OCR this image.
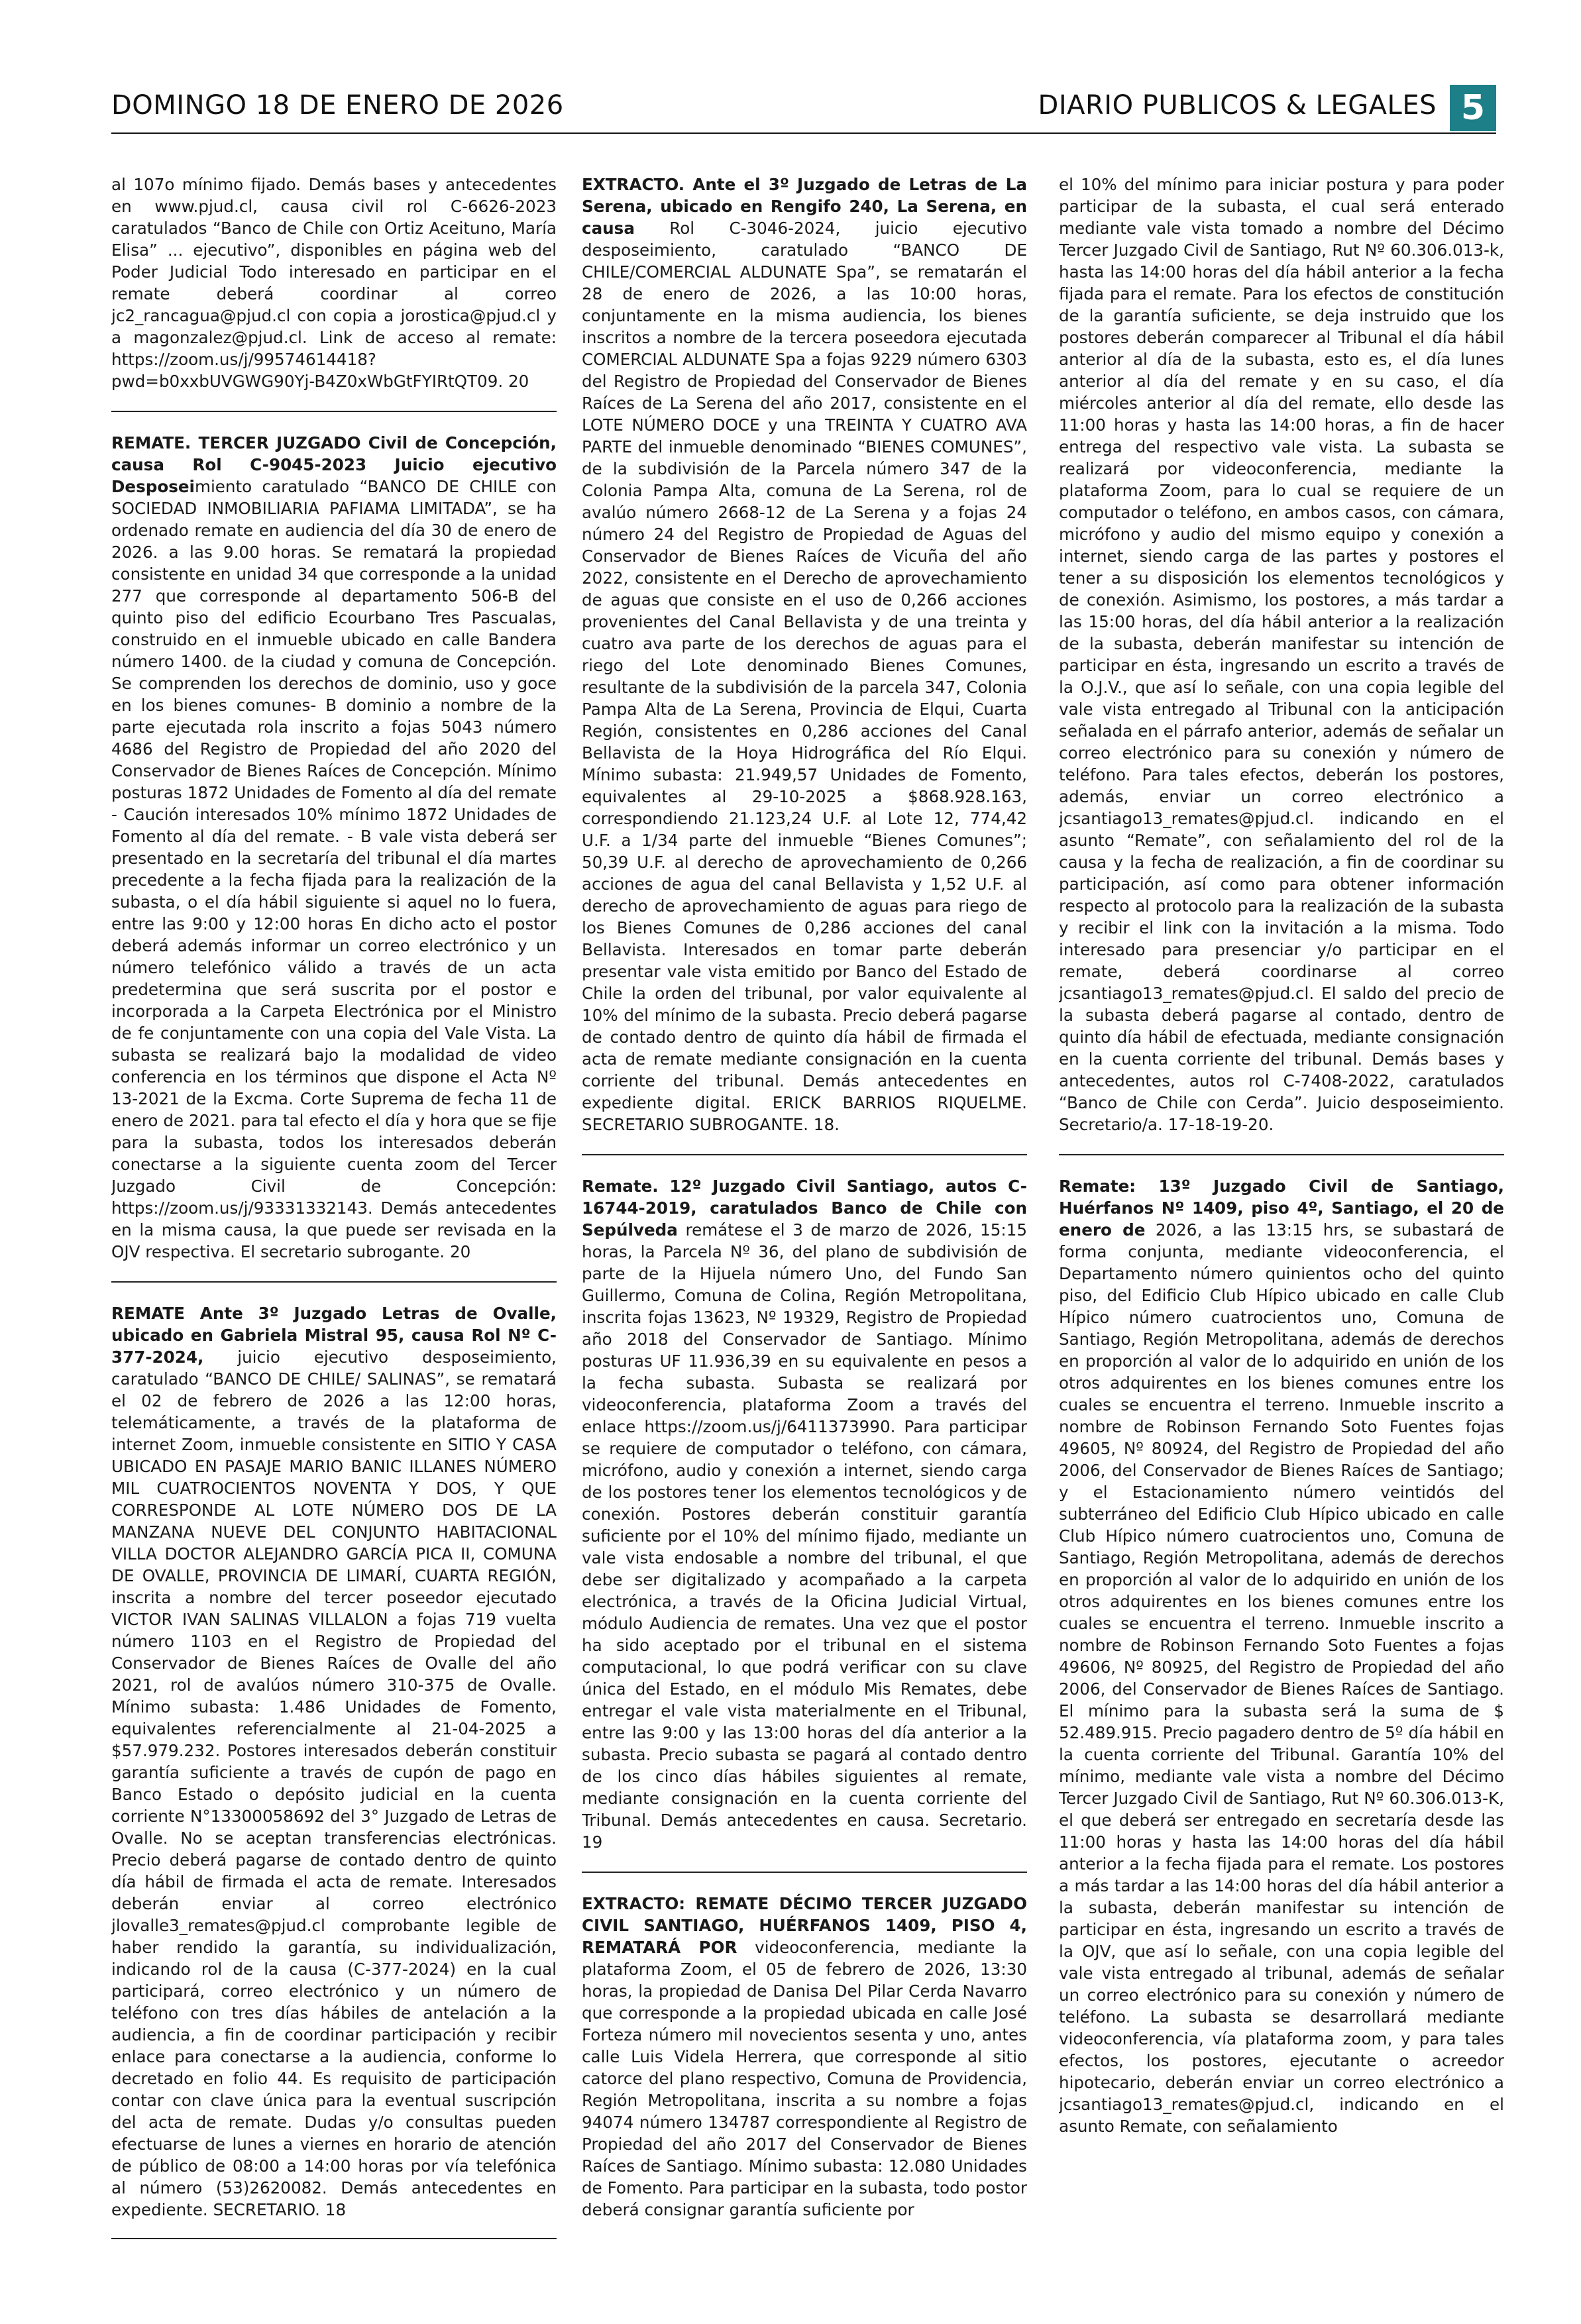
DOMINGO 18 DE ENERO DE 2026	DIARIO PUBLICOS & LEGALES 5

al 107o mínimo fijado. Demás bases y antecedentes en www.pjud.cl, causa civil rol C-6626-2023 caratulados “Banco de Chile con Ortiz Aceituno, María Elisa” ... ejecutivo”, disponibles en página web del Poder Judicial Todo interesado en participar en el remate deberá coordinar al correo jc2_rancagua@pjud.cl con copia a jorostica@pjud.cl y a magonzalez@pjud.cl. Link de acceso al remate: https://zoom.us/j/99574614418?pwd=b0xxbUVGWG90Yj-B4Z0xWbGtFYIRtQT09. 20

REMATE. TERCER JUZGADO Civil de Concepción, causa Rol C-9045-2023 Juicio ejecutivo Desposeimiento caratulado “BANCO DE CHILE con SOCIEDAD INMOBILIARIA PAFIAMA LIMITADA”, se ha ordenado remate en audiencia del día 30 de enero de 2026. a las 9.00 horas. Se rematará la propiedad consistente en unidad 34 que corresponde a la unidad 277 que corresponde al departamento 506-B del quinto piso del edificio Ecourbano Tres Pascualas, construido en el inmueble ubicado en calle Bandera número 1400. de la ciudad y comuna de Concepción. Se comprenden los derechos de dominio, uso y goce en los bienes comunes- B dominio a nombre de la parte ejecutada rola inscrito a fojas 5043 número 4686 del Registro de Propiedad del año 2020 del Conservador de Bienes Raíces de Concepción. Mínimo posturas 1872 Unidades de Fomento al día del remate - Caución interesados 10% mínimo 1872 Unidades de Fomento al día del remate. - B vale vista deberá ser presentado en la secretaría del tribunal el día martes precedente a la fecha fijada para la realización de la subasta, o el día hábil siguiente si aquel no lo fuera, entre las 9:00 y 12:00 horas En dicho acto el postor deberá además informar un correo electrónico y un número telefónico válido a través de un acta predetermina que será suscrita por el postor e incorporada a la Carpeta Electrónica por el Ministro de fe conjuntamente con una copia del Vale Vista. La subasta se realizará bajo la modalidad de video conferencia en los términos que dispone el Acta Nº 13-2021 de la Excma. Corte Suprema de fecha 11 de enero de 2021. para tal efecto el día y hora que se fije para la subasta, todos los interesados deberán conectarse a la siguiente cuenta zoom del Tercer Juzgado Civil de Concepción: https://zoom.us/j/93331332143. Demás antecedentes en la misma causa, la que puede ser revisada en la OJV respectiva. El secretario subrogante. 20

REMATE Ante 3º Juzgado Letras de Ovalle, ubicado en Gabriela Mistral 95, causa Rol Nº C-377-2024, juicio ejecutivo desposeimiento, caratulado “BANCO DE CHILE/ SALINAS”, se rematará el 02 de febrero de 2026 a las 12:00 horas, telemáticamente, a través de la plataforma de internet Zoom, inmueble consistente en SITIO Y CASA UBICADO EN PASAJE MARIO BANIC ILLANES NÚMERO MIL CUATROCIENTOS NOVENTA Y DOS, Y QUE CORRESPONDE AL LOTE NÚMERO DOS DE LA MANZANA NUEVE DEL CONJUNTO HABITACIONAL VILLA DOCTOR ALEJANDRO GARCÍA PICA II, COMUNA DE OVALLE, PROVINCIA DE LIMARÍ, CUARTA REGIÓN, inscrita a nombre del tercer poseedor ejecutado VICTOR IVAN SALINAS VILLALON a fojas 719 vuelta número 1103 en el Registro de Propiedad del Conservador de Bienes Raíces de Ovalle del año 2021, rol de avalúos número 310-375 de Ovalle. Mínimo subasta: 1.486 Unidades de Fomento, equivalentes referencialmente al 21-04-2025 a $57.979.232. Postores interesados deberán constituir garantía suficiente a través de cupón de pago en Banco Estado o depósito judicial en la cuenta corriente N°13300058692 del 3° Juzgado de Letras de Ovalle. No se aceptan transferencias electrónicas. Precio deberá pagarse de contado dentro de quinto día hábil de firmada el acta de remate. Interesados deberán enviar al correo electrónico jlovalle3_remates@pjud.cl comprobante legible de haber rendido la garantía, su individualización, indicando rol de la causa (C-377-2024) en la cual participará, correo electrónico y un número de teléfono con tres días hábiles de antelación a la audiencia, a fin de coordinar participación y recibir enlace para conectarse a la audiencia, conforme lo decretado en folio 44. Es requisito de participación contar con clave única para la eventual suscripción del acta de remate. Dudas y/o consultas pueden efectuarse de lunes a viernes en horario de atención de público de 08:00 a 14:00 horas por vía telefónica al número (53)2620082. Demás antecedentes en expediente. SECRETARIO. 18

EXTRACTO. Ante el 3º Juzgado de Letras de La Serena, ubicado en Rengifo 240, La Serena, en causa Rol C-3046-2024, juicio ejecutivo desposeimiento, caratulado “BANCO DE CHILE/COMERCIAL ALDUNATE Spa”, se rematarán el 28 de enero de 2026, a las 10:00 horas, conjuntamente en la misma audiencia, los bienes inscritos a nombre de la tercera poseedora ejecutada COMERCIAL ALDUNATE Spa a fojas 9229 número 6303 del Registro de Propiedad del Conservador de Bienes Raíces de La Serena del año 2017, consistente en el LOTE NÚMERO DOCE y una TREINTA Y CUATRO AVA PARTE del inmueble denominado “BIENES COMUNES”, de la subdivisión de la Parcela número 347 de la Colonia Pampa Alta, comuna de La Serena, rol de avalúo número 2668-12 de La Serena y a fojas 24 número 24 del Registro de Propiedad de Aguas del Conservador de Bienes Raíces de Vicuña del año 2022, consistente en el Derecho de aprovechamiento de aguas que consiste en el uso de 0,266 acciones provenientes del Canal Bellavista y de una treinta y cuatro ava parte de los derechos de aguas para el riego del Lote denominado Bienes Comunes, resultante de la subdivisión de la parcela 347, Colonia Pampa Alta de La Serena, Provincia de Elqui, Cuarta Región, consistentes en 0,286 acciones del Canal Bellavista de la Hoya Hidrográfica del Río Elqui. Mínimo subasta: 21.949,57 Unidades de Fomento, equivalentes al 29-10-2025 a $868.928.163, correspondiendo 21.123,24 U.F. al Lote 12, 774,42 U.F. a 1/34 parte del inmueble “Bienes Comunes”; 50,39 U.F. al derecho de aprovechamiento de 0,266 acciones de agua del canal Bellavista y 1,52 U.F. al derecho de aprovechamiento de aguas para riego de los Bienes Comunes de 0,286 acciones del canal Bellavista. Interesados en tomar parte deberán presentar vale vista emitido por Banco del Estado de Chile la orden del tribunal, por valor equivalente al 10% del mínimo de la subasta. Precio deberá pagarse de contado dentro de quinto día hábil de firmada el acta de remate mediante consignación en la cuenta corriente del tribunal. Demás antecedentes en expediente digital. ERICK BARRIOS RIQUELME. SECRETARIO SUBROGANTE. 18.

Remate. 12º Juzgado Civil Santiago, autos C-16744-2019, caratulados Banco de Chile con Sepúlveda remátese el 3 de marzo de 2026, 15:15 horas, la Parcela Nº 36, del plano de subdivisión de parte de la Hijuela número Uno, del Fundo San Guillermo, Comuna de Colina, Región Metropolitana, inscrita fojas 13623, Nº 19329, Registro de Propiedad año 2018 del Conservador de Santiago. Mínimo posturas UF 11.936,39 en su equivalente en pesos a la fecha subasta. Subasta se realizará por videoconferencia, plataforma Zoom a través del enlace https://zoom.us/j/6411373990. Para participar se requiere de computador o teléfono, con cámara, micrófono, audio y conexión a internet, siendo carga de los postores tener los elementos tecnológicos y de conexión. Postores deberán constituir garantía suficiente por el 10% del mínimo fijado, mediante un vale vista endosable a nombre del tribunal, el que debe ser digitalizado y acompañado a la carpeta electrónica, a través de la Oficina Judicial Virtual, módulo Audiencia de remates. Una vez que el postor ha sido aceptado por el tribunal en el sistema computacional, lo que podrá verificar con su clave única del Estado, en el módulo Mis Remates, debe entregar el vale vista materialmente en el Tribunal, entre las 9:00 y las 13:00 horas del día anterior a la subasta. Precio subasta se pagará al contado dentro de los cinco días hábiles siguientes al remate, mediante consignación en la cuenta corriente del Tribunal. Demás antecedentes en causa. Secretario. 19

EXTRACTO: REMATE DÉCIMO TERCER JUZGADO CIVIL SANTIAGO, HUÉRFANOS 1409, PISO 4, REMATARÁ POR videoconferencia, mediante la plataforma Zoom, el 05 de febrero de 2026, 13:30 horas, la propiedad de Danisa Del Pilar Cerda Navarro que corresponde a la propiedad ubicada en calle José Forteza número mil novecientos sesenta y uno, antes calle Luis Videla Herrera, que corresponde al sitio catorce del plano respectivo, Comuna de Providencia, Región Metropolitana, inscrita a su nombre a fojas 94074 número 134787 correspondiente al Registro de Propiedad del año 2017 del Conservador de Bienes Raíces de Santiago. Mínimo subasta: 12.080 Unidades de Fomento. Para participar en la subasta, todo postor deberá consignar garantía suficiente por

el 10% del mínimo para iniciar postura y para poder participar de la subasta, el cual será enterado mediante vale vista tomado a nombre del Décimo Tercer Juzgado Civil de Santiago, Rut Nº 60.306.013-k, hasta las 14:00 horas del día hábil anterior a la fecha fijada para el remate. Para los efectos de constitución de la garantía suficiente, se deja instruido que los postores deberán comparecer al Tribunal el día hábil anterior al día de la subasta, esto es, el día lunes anterior al día del remate y en su caso, el día miércoles anterior al día del remate, ello desde las 11:00 horas y hasta las 14:00 horas, a fin de hacer entrega del respectivo vale vista. La subasta se realizará por videoconferencia, mediante la plataforma Zoom, para lo cual se requiere de un computador o teléfono, en ambos casos, con cámara, micrófono y audio del mismo equipo y conexión a internet, siendo carga de las partes y postores el tener a su disposición los elementos tecnológicos y de conexión. Asimismo, los postores, a más tardar a las 15:00 horas, del día hábil anterior a la realización de la subasta, deberán manifestar su intención de participar en ésta, ingresando un escrito a través de la O.J.V., que así lo señale, con una copia legible del vale vista entregado al Tribunal con la anticipación señalada en el párrafo anterior, además de señalar un correo electrónico para su conexión y número de teléfono. Para tales efectos, deberán los postores, además, enviar un correo electrónico a jcsantiago13_remates@pjud.cl. indicando en el asunto “Remate”, con señalamiento del rol de la causa y la fecha de realización, a fin de coordinar su participación, así como para obtener información respecto al protocolo para la realización de la subasta y recibir el link con la invitación a la misma. Todo interesado para presenciar y/o participar en el remate, deberá coordinarse al correo jcsantiago13_remates@pjud.cl. El saldo del precio de la subasta deberá pagarse al contado, dentro de quinto día hábil de efectuada, mediante consignación en la cuenta corriente del tribunal. Demás bases y antecedentes, autos rol C-7408-2022, caratulados “Banco de Chile con Cerda”. Juicio desposeimiento. Secretario/a. 17-18-19-20.

Remate: 13º Juzgado Civil de Santiago, Huérfanos Nº 1409, piso 4º, Santiago, el 20 de enero de 2026, a las 13:15 hrs, se subastará de forma conjunta, mediante videoconferencia, el Departamento número quinientos ocho del quinto piso, del Edificio Club Hípico ubicado en calle Club Hípico número cuatrocientos uno, Comuna de Santiago, Región Metropolitana, además de derechos en proporción al valor de lo adquirido en unión de los otros adquirentes en los bienes comunes entre los cuales se encuentra el terreno. Inmueble inscrito a nombre de Robinson Fernando Soto Fuentes fojas 49605, Nº 80924, del Registro de Propiedad del año 2006, del Conservador de Bienes Raíces de Santiago; y el Estacionamiento número veintidós del subterráneo del Edificio Club Hípico ubicado en calle Club Hípico número cuatrocientos uno, Comuna de Santiago, Región Metropolitana, además de derechos en proporción al valor de lo adquirido en unión de los otros adquirentes en los bienes comunes entre los cuales se encuentra el terreno. Inmueble inscrito a nombre de Robinson Fernando Soto Fuentes a fojas 49606, Nº 80925, del Registro de Propiedad del año 2006, del Conservador de Bienes Raíces de Santiago. El mínimo para la subasta será la suma de $ 52.489.915. Precio pagadero dentro de 5º día hábil en la cuenta corriente del Tribunal. Garantía 10% del mínimo, mediante vale vista a nombre del Décimo Tercer Juzgado Civil de Santiago, Rut Nº 60.306.013-K, el que deberá ser entregado en secretaría desde las 11:00 horas y hasta las 14:00 horas del día hábil anterior a la fecha fijada para el remate. Los postores a más tardar a las 14:00 horas del día hábil anterior a la subasta, deberán manifestar su intención de participar en ésta, ingresando un escrito a través de la OJV, que así lo señale, con una copia legible del vale vista entregado al tribunal, además de señalar un correo electrónico para su conexión y número de teléfono. La subasta se desarrollará mediante videoconferencia, vía plataforma zoom, y para tales efectos, los postores, ejecutante o acreedor hipotecario, deberán enviar un correo electrónico a jcsantiago13_remates@pjud.cl, indicando en el asunto Remate, con señalamiento
